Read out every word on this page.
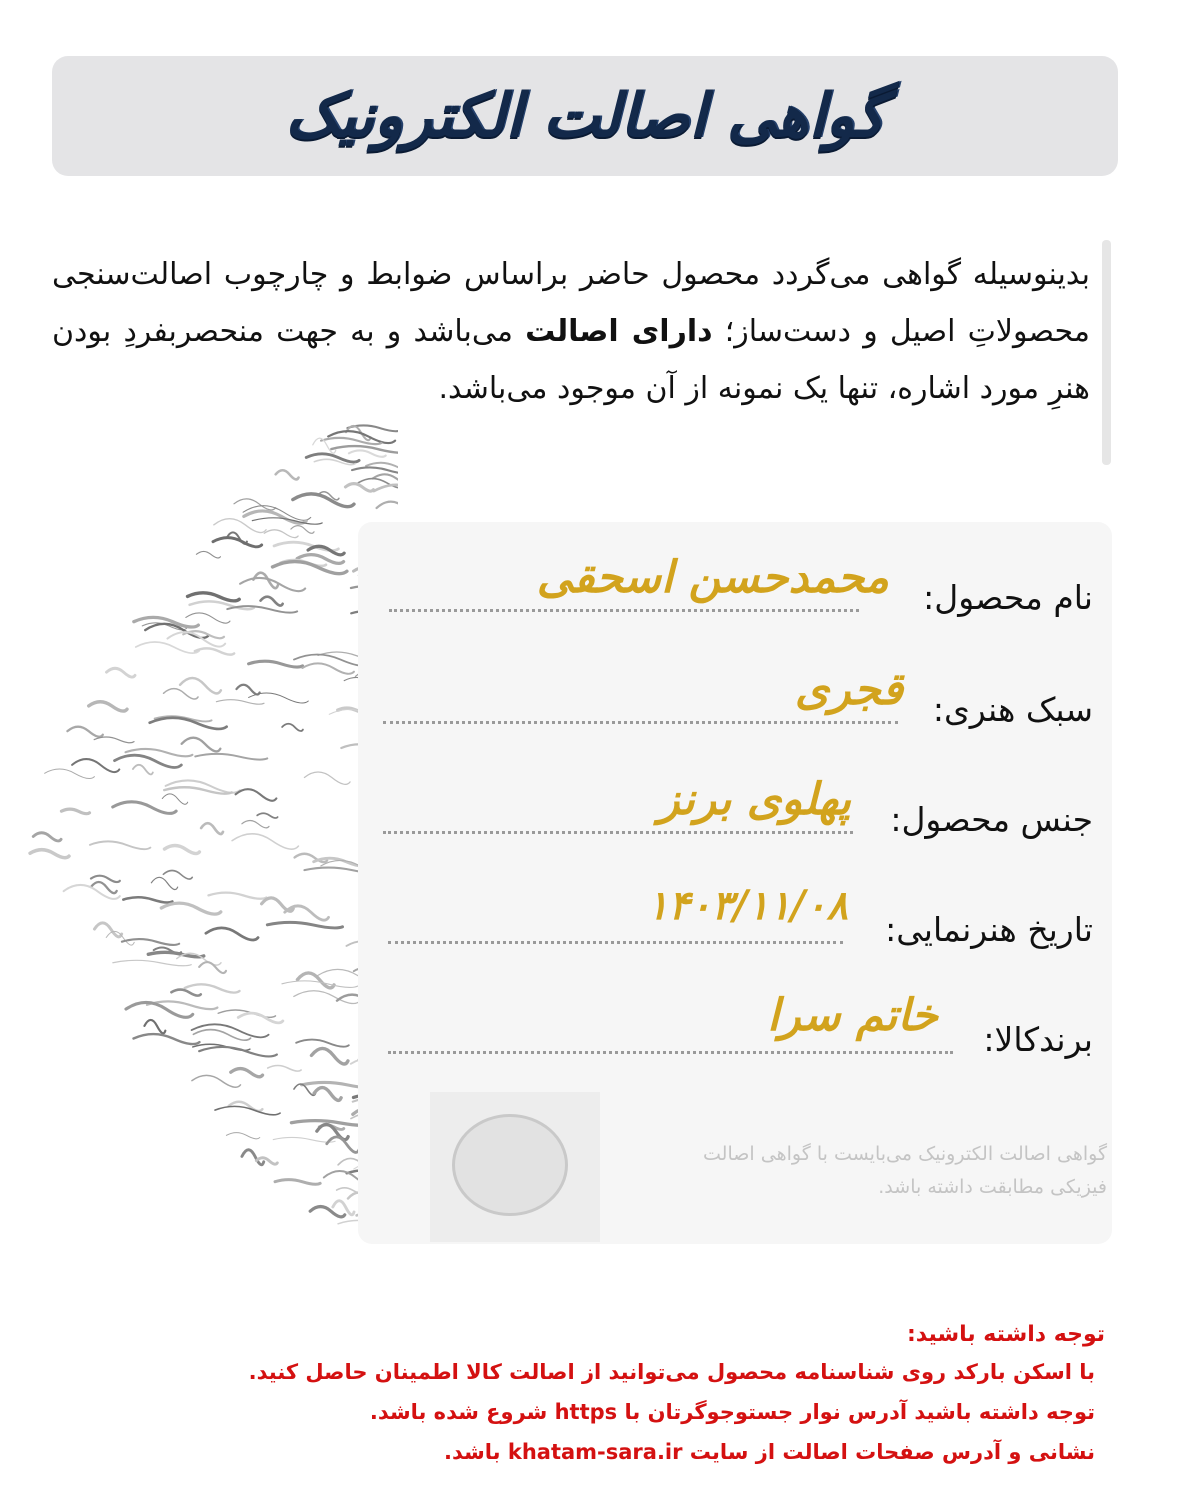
گواهی اصالت الکترونیک
بدینوسیله گواهی می‌گردد محصول حاضر براساس ضوابط و چارچوب اصالت‌سنجی محصولاتِ اصیل و دست‌ساز؛ دارای اصالت می‌باشد و به جهت منحصربفردِ بودن هنرِ مورد اشاره، تنها یک نمونه از آن موجود می‌باشد.
نام محصول:
محمدحسن اسحقی
سبک هنری:
قجری
جنس محصول:
پهلوی برنز
تاریخ هنرنمایی:
۱۴۰۳/۱۱/۰۸
برندکالا:
خاتم سرا
گواهی اصالت الکترونیک می‌بایست با گواهی اصالت فیزیکی مطابقت داشته باشد.
توجه داشته باشید:
با اسکن بارکد روی شناسنامه محصول می‌توانید از اصالت کالا اطمینان حاصل کنید.
توجه داشته باشید آدرس نوار جستوجوگرتان با https شروع شده باشد.
نشانی و آدرس صفحات اصالت از سایت khatam-sara.ir باشد.
